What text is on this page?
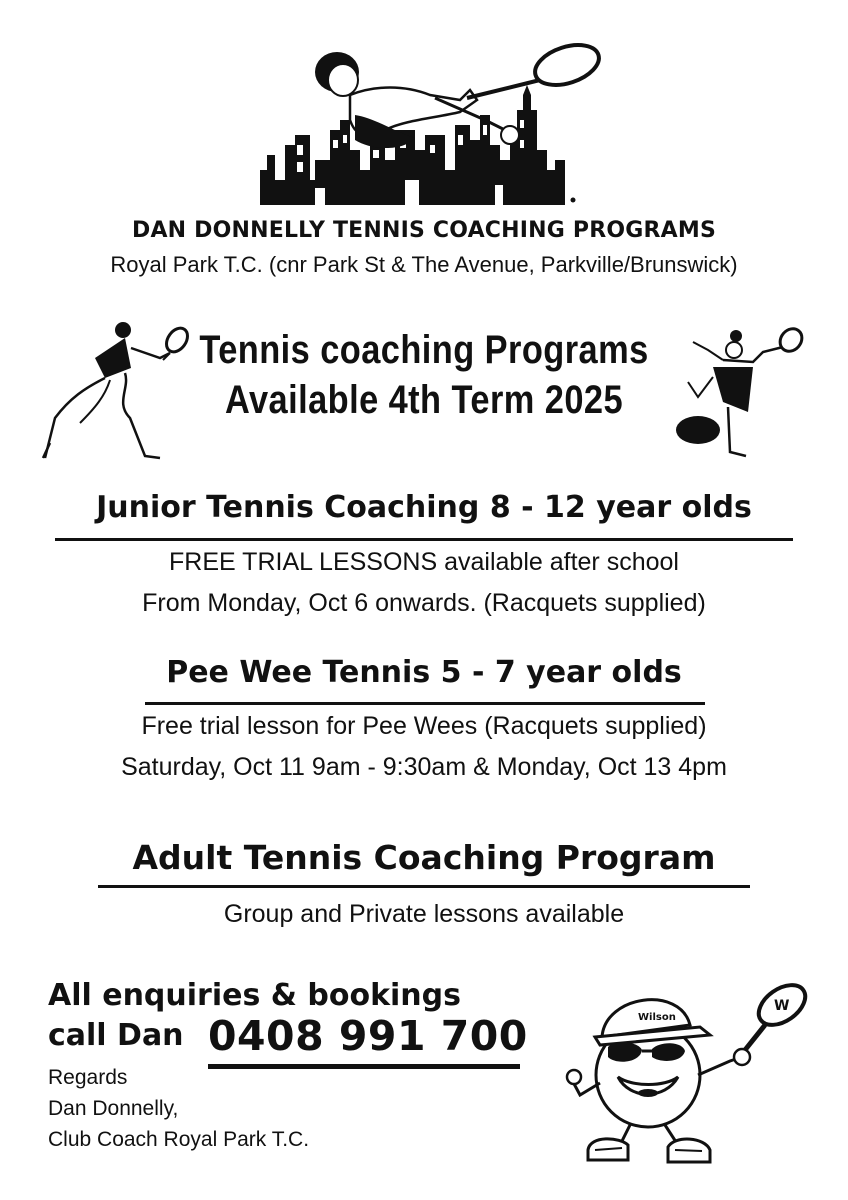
DAN DONNELLY TENNIS COACHING PROGRAMS
Royal Park T.C. (cnr Park St & The Avenue, Parkville/Brunswick)
Tennis coaching Programs
Available 4th Term 2025
Junior Tennis Coaching 8 - 12 year olds
FREE TRIAL LESSONS available after school
From Monday, Oct 6 onwards. (Racquets supplied)
Pee Wee Tennis 5 - 7 year olds
Free trial lesson for Pee Wees (Racquets supplied)
Saturday, Oct 11 9am - 9:30am & Monday, Oct 13 4pm
Adult Tennis Coaching Program
Group and Private lessons available
All enquiries & bookings
call Dan 0408 991 700
Regards
Dan Donnelly,
Club Coach Royal Park T.C.
Wilson
W
